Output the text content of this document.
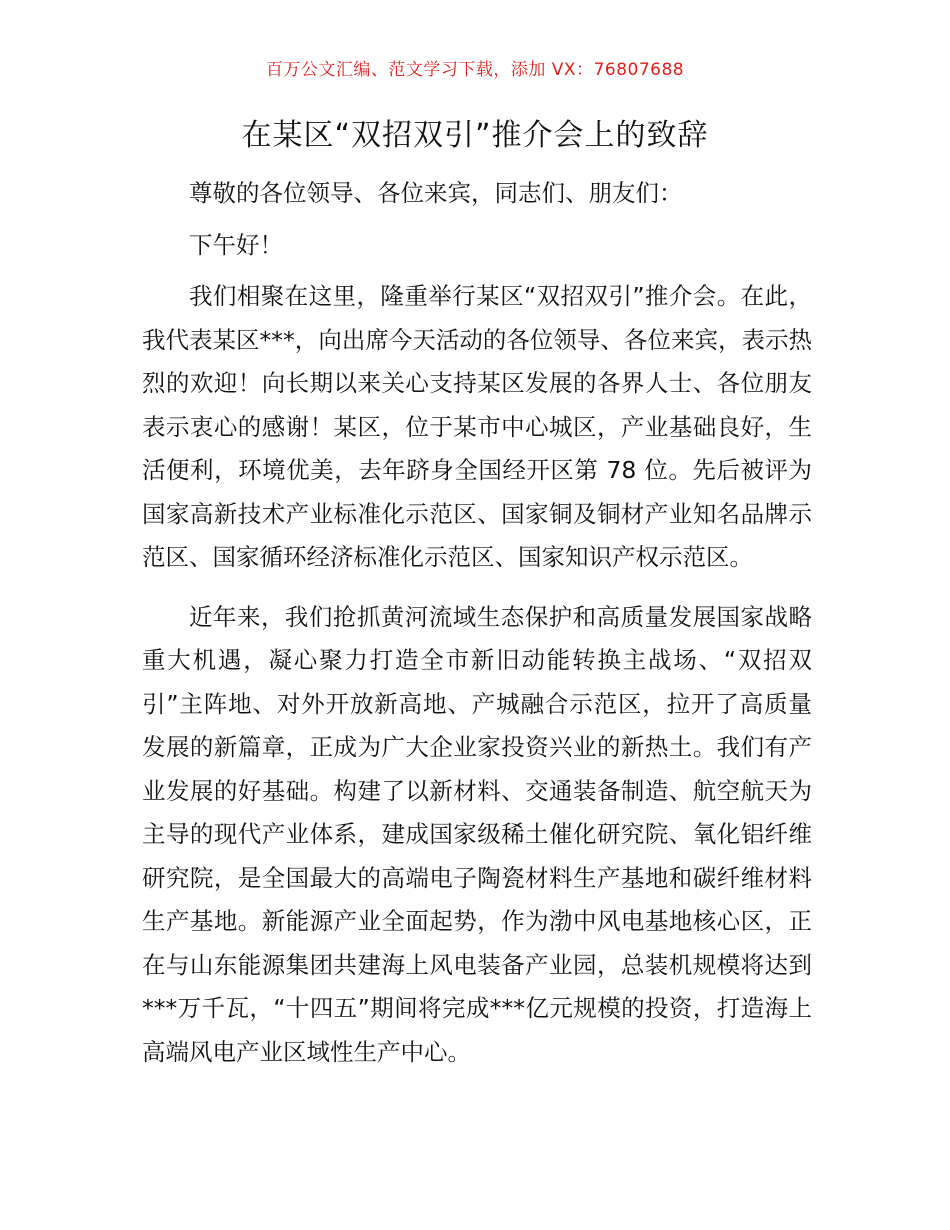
百万公文汇编、范文学习下载，添加 VX：76807688
在某区“双招双引”推介会上的致辞

尊敬的各位领导、各位来宾，同志们、朋友们：

下午好！

我们相聚在这里，隆重举行某区“双招双引”推介会。在此，我代表某区***，向出席今天活动的各位领导、各位来宾，表示热烈的欢迎！向长期以来关心支持某区发展的各界人士、各位朋友表示衷心的感谢！某区，位于某市中心城区，产业基础良好，生活便利，环境优美，去年跻身全国经开区第 78 位。先后被评为国家高新技术产业标准化示范区、国家铜及铜材产业知名品牌示范区、国家循环经济标准化示范区、国家知识产权示范区。

近年来，我们抢抓黄河流域生态保护和高质量发展国家战略重大机遇，凝心聚力打造全市新旧动能转换主战场、“双招双引”主阵地、对外开放新高地、产城融合示范区，拉开了高质量发展的新篇章，正成为广大企业家投资兴业的新热土。我们有产业发展的好基础。构建了以新材料、交通装备制造、航空航天为主导的现代产业体系，建成国家级稀土催化研究院、氧化铝纤维研究院，是全国最大的高端电子陶瓷材料生产基地和碳纤维材料生产基地。新能源产业全面起势，作为渤中风电基地核心区，正在与山东能源集团共建海上风电装备产业园，总装机规模将达到***万千瓦，“十四五”期间将完成***亿元规模的投资，打造海上高端风电产业区域性生产中心。
